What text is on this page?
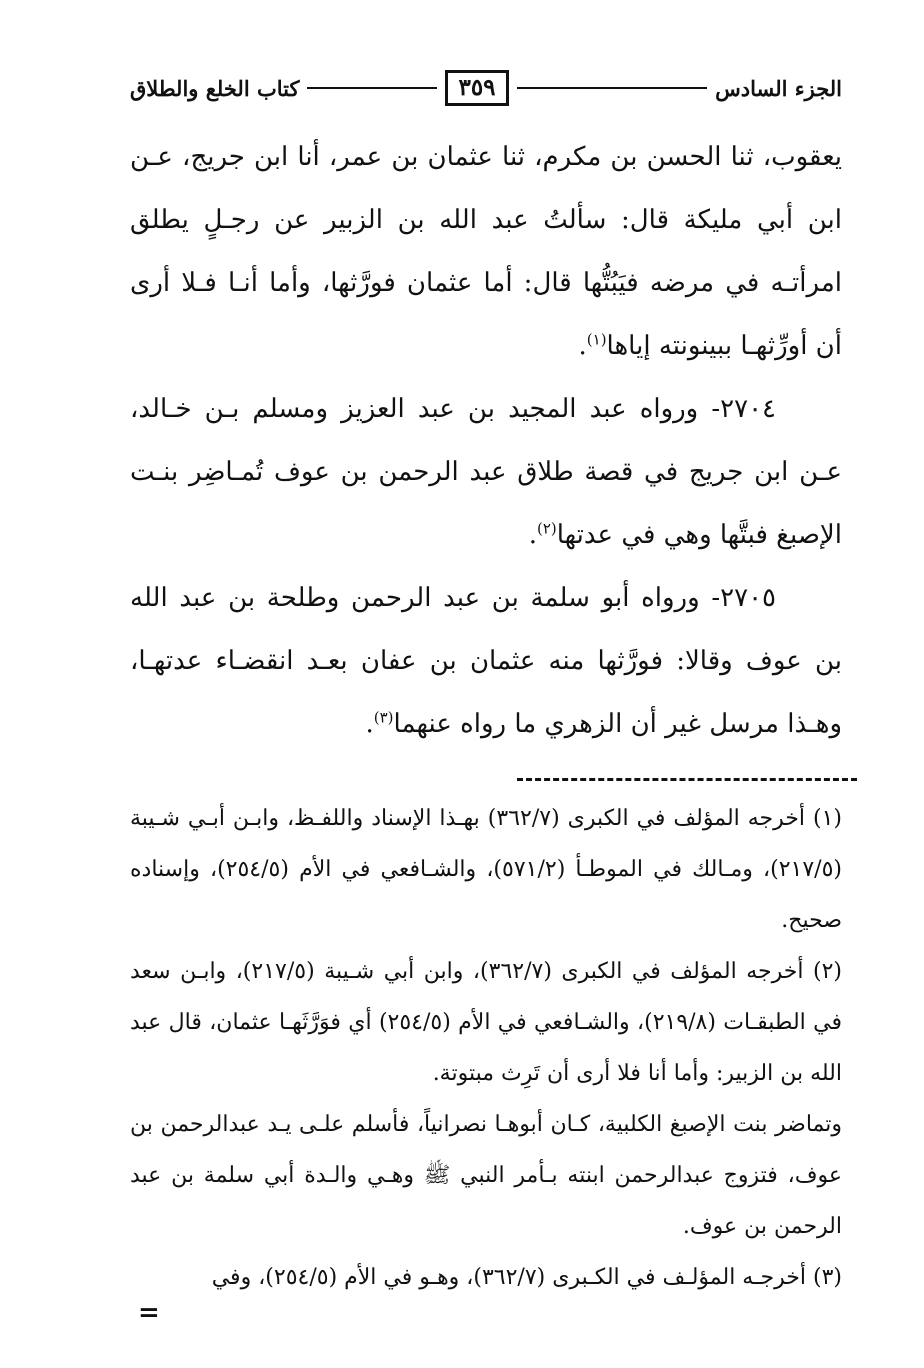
الجزء السادس
٣٥٩
كتاب الخلع والطلاق

يعقوب، ثنا الحسن بن مكرم، ثنا عثمان بن عمر، أنا ابن جريج، عـن ابن أبي مليكة قال: سألتُ عبد الله بن الزبير عن رجـلٍ يطلق امرأتـه في مرضه فيَبُتُّها قال: أما عثمان فورَّثها، وأما أنـا فـلا أرى أن أورِّثهـا ببينونته إياها$^{(١)}$.

٢٧٠٤- ورواه عبد المجيد بن عبد العزيز ومسلم بـن خـالد، عـن ابن جريج في قصة طلاق عبد الرحمن بن عوف تُمـاضِر بنـت الإصبغ فبتَّها وهي في عدتها$^{(٢)}$.

٢٧٠٥- ورواه أبو سلمة بن عبد الرحمن وطلحة بن عبد الله بن عوف وقالا: فورَّثها منه عثمان بن عفان بعـد انقضـاء عدتهـا، وهـذا مرسل غير أن الزهري ما رواه عنهما$^{(٣)}$.

(١) أخرجه المؤلف في الكبرى (٣٦٢/٧) بهـذا الإسناد واللفـظ، وابـن أبـي شـيبة (٢١٧/٥)، ومـالك في الموطـأ (٥٧١/٢)، والشـافعي في الأم (٢٥٤/٥)، وإسناده صحيح.

(٢) أخرجه المؤلف في الكبرى (٣٦٢/٧)، وابن أبي شـيبة (٢١٧/٥)، وابـن سعد في الطبقـات (٢١٩/٨)، والشـافعي في الأم (٢٥٤/٥) أي فوَرَّثَهـا عثمان، قال عبد الله بن الزبير: وأما أنا فلا أرى أن تَرِث مبتوتة.

وتماضر بنت الإصبغ الكلبية، كـان أبوهـا نصرانياً، فأسلم علـى يـد عبدالرحمن بن عوف، فتزوج عبدالرحمن ابنته بـأمر النبي ﷺ وهـي والـدة أبي سلمة بن عبد الرحمن بن عوف.

(٣) أخرجـه المؤلـف في الكـبرى (٣٦٢/٧)، وهـو في الأم (٢٥٤/٥)، وفي

=
